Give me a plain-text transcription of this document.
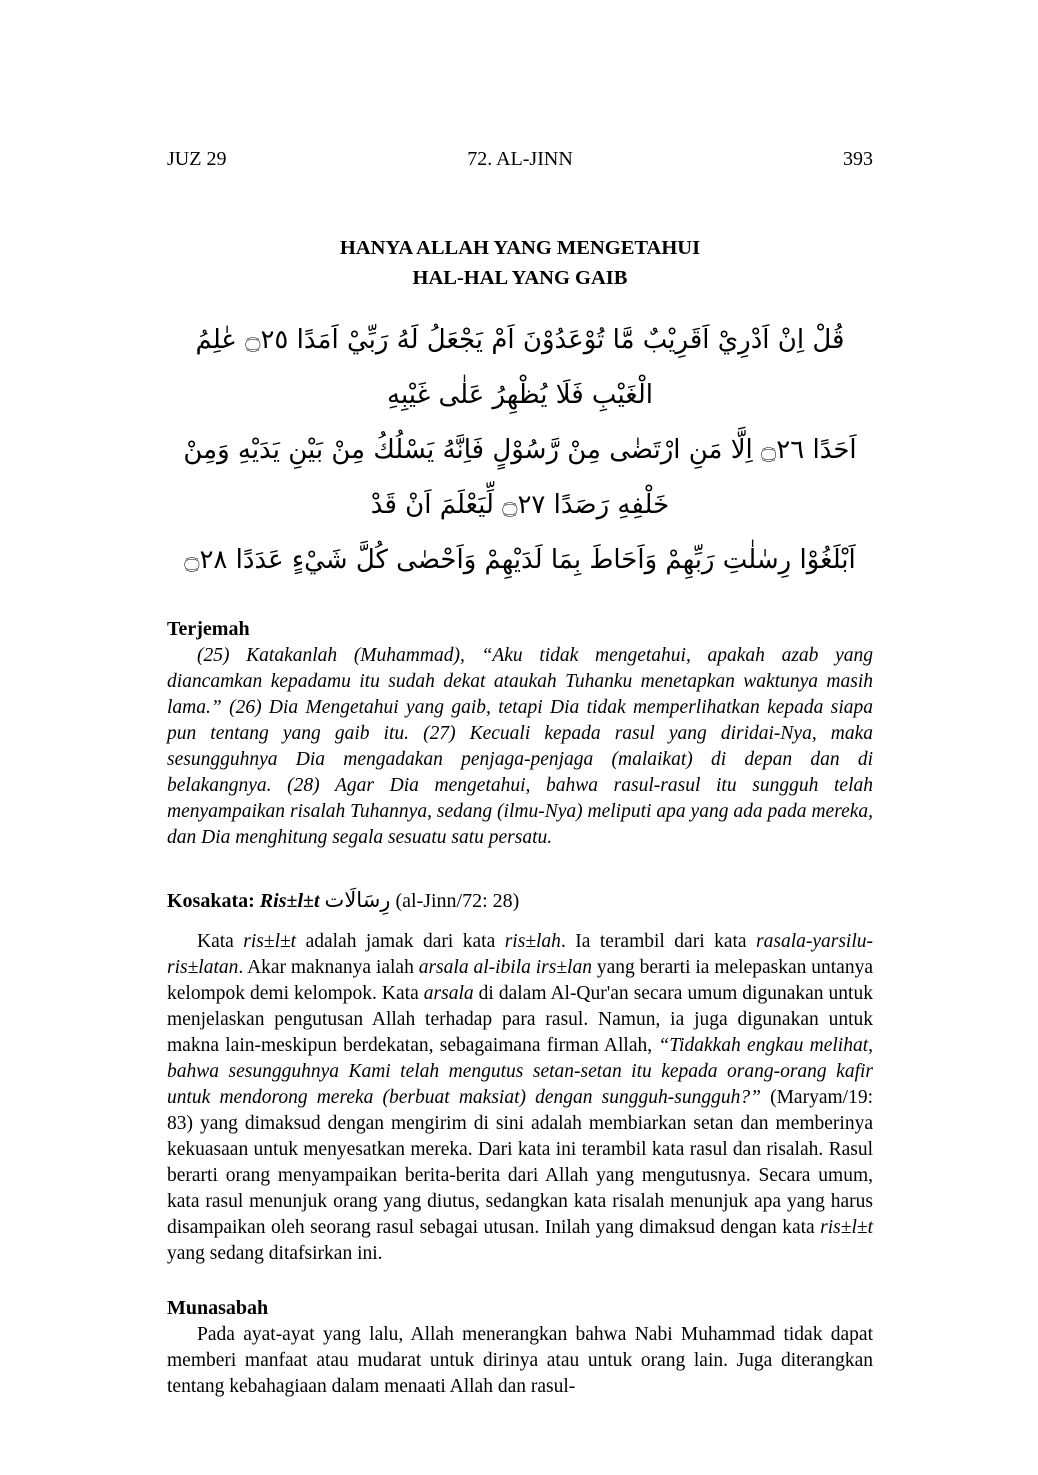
JUZ 29	72. AL-JINN	393
HANYA ALLAH YANG MENGETAHUI
HAL-HAL YANG GAIB
قُلْ اِنْ اَدْرِيْ اَقَرِيْبٌ مَّا تُوْعَدُوْنَ اَمْ يَجْعَلُ لَهُ رَبِّيْ اَمَدًا ۝٢٥ عٰلِمُ الْغَيْبِ فَلَا يُظْهِرُ عَلٰى غَيْبِهِ
اَحَدًا ۝٢٦ اِلَّا مَنِ ارْتَضٰى مِنْ رَّسُوْلٍ فَاِنَّهُ يَسْلُكُ مِنْ بَيْنِ يَدَيْهِ وَمِنْ خَلْفِهِ رَصَدًا ۝٢٧ لِّيَعْلَمَ اَنْ قَدْ
اَبْلَغُوْا رِسٰلٰتِ رَبِّهِمْ وَاَحَاطَ بِمَا لَدَيْهِمْ وَاَحْصٰى كُلَّ شَيْءٍ عَدَدًا ۝٢٨
Terjemah

(25) Katakanlah (Muhammad), “Aku tidak mengetahui, apakah azab yang diancamkan kepadamu itu sudah dekat ataukah Tuhanku menetapkan waktunya masih lama.” (26) Dia Mengetahui yang gaib, tetapi Dia tidak memperlihatkan kepada siapa pun tentang yang gaib itu. (27) Kecuali kepada rasul yang diridai-Nya, maka sesungguhnya Dia mengadakan penjaga-penjaga (malaikat) di depan dan di belakangnya. (28) Agar Dia mengetahui, bahwa rasul-rasul itu sungguh telah menyampaikan risalah Tuhannya, sedang (ilmu-Nya) meliputi apa yang ada pada mereka, dan Dia menghitung segala sesuatu satu persatu.

Kosakata: Ris±l±t رِسَالَات (al-Jinn/72: 28)

Kata ris±l±t adalah jamak dari kata ris±lah. Ia terambil dari kata rasala-yarsilu-ris±latan. Akar maknanya ialah arsala al-ibila irs±lan yang berarti ia melepaskan untanya kelompok demi kelompok. Kata arsala di dalam Al-Qur'an secara umum digunakan untuk menjelaskan pengutusan Allah terhadap para rasul. Namun, ia juga digunakan untuk makna lain-meskipun berdekatan, sebagaimana firman Allah, “Tidakkah engkau melihat, bahwa sesungguhnya Kami telah mengutus setan-setan itu kepada orang-orang kafir untuk mendorong mereka (berbuat maksiat) dengan sungguh-sungguh?” (Maryam/19: 83) yang dimaksud dengan mengirim di sini adalah membiarkan setan dan memberinya kekuasaan untuk menyesatkan mereka. Dari kata ini terambil kata rasul dan risalah. Rasul berarti orang menyampaikan berita-berita dari Allah yang mengutusnya. Secara umum, kata rasul menunjuk orang yang diutus, sedangkan kata risalah menunjuk apa yang harus disampaikan oleh seorang rasul sebagai utusan. Inilah yang dimaksud dengan kata ris±l±t yang sedang ditafsirkan ini.

Munasabah

Pada ayat-ayat yang lalu, Allah menerangkan bahwa Nabi Muhammad tidak dapat memberi manfaat atau mudarat untuk dirinya atau untuk orang lain. Juga diterangkan tentang kebahagiaan dalam menaati Allah dan rasul-
